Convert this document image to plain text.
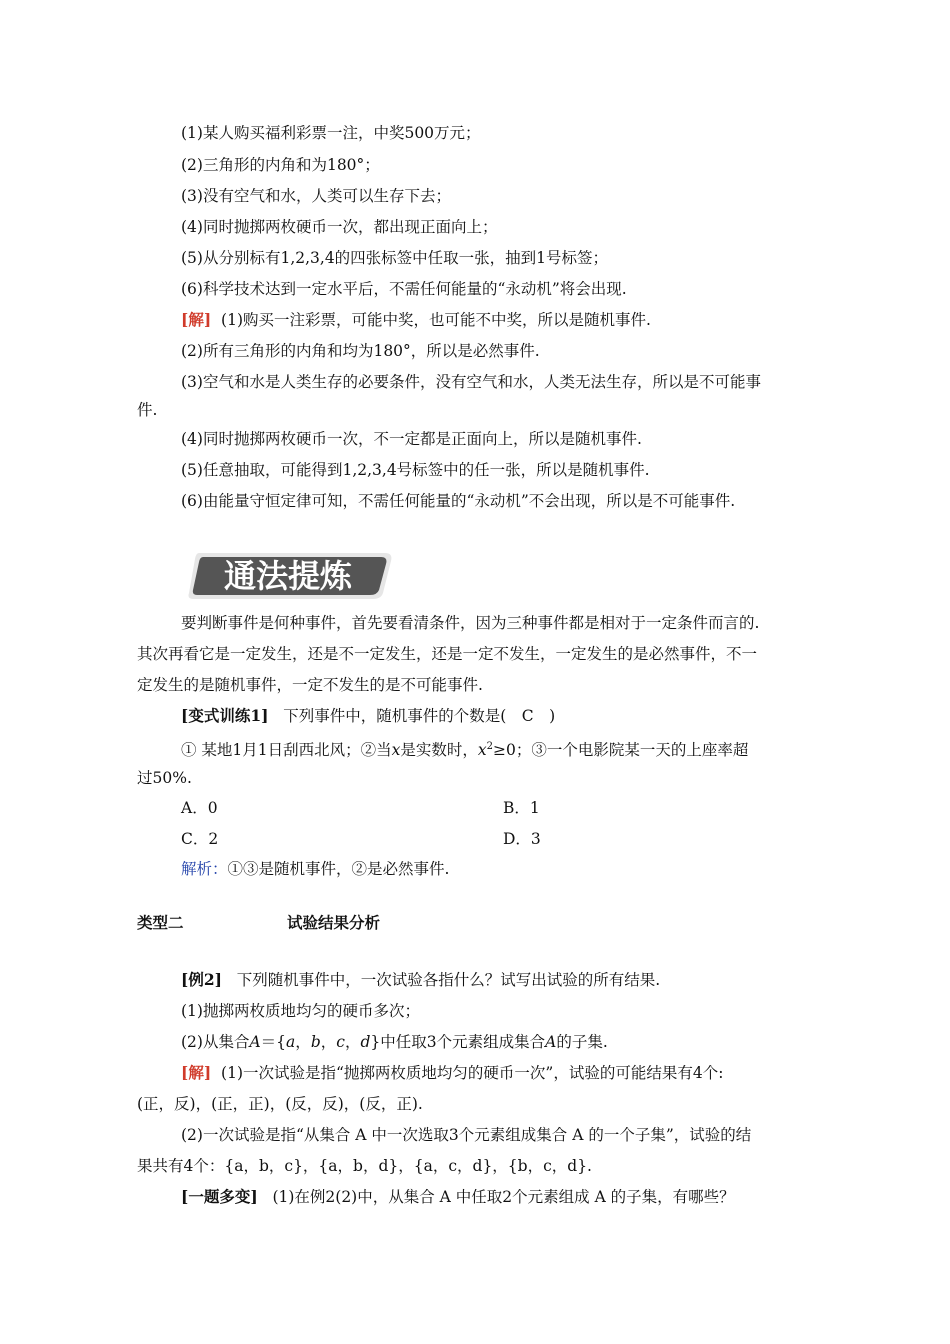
(1)某人购买福利彩票一注，中奖500万元；
(2)三角形的内角和为180°；
(3)没有空气和水，人类可以生存下去；
(4)同时抛掷两枚硬币一次，都出现正面向上；
(5)从分别标有1,2,3,4的四张标签中任取一张，抽到1号标签；
(6)科学技术达到一定水平后，不需任何能量的“永动机”将会出现.
[解] (1)购买一注彩票，可能中奖，也可能不中奖，所以是随机事件.
(2)所有三角形的内角和均为180°，所以是必然事件.
(3)空气和水是人类生存的必要条件，没有空气和水，人类无法生存，所以是不可能事
件.
(4)同时抛掷两枚硬币一次，不一定都是正面向上，所以是随机事件.
(5)任意抽取，可能得到1,2,3,4号标签中的任一张，所以是随机事件.
(6)由能量守恒定律可知，不需任何能量的“永动机”不会出现，所以是不可能事件.
通法提炼
要判断事件是何种事件，首先要看清条件，因为三种事件都是相对于一定条件而言的.
其次再看它是一定发生，还是不一定发生，还是一定不发生，一定发生的是必然事件，不一
定发生的是随机事件，一定不发生的是不可能事件.
[变式训练1] 下列事件中，随机事件的个数是(　C　)
① 某地1月1日刮西北风；②当x是实数时，$x^2\ge 0$；③一个电影院某一天的上座率超
过50%.
A．0	B．1
C．2	D．3
解析：①③是随机事件，②是必然事件.
类型二	试验结果分析
[例2] 下列随机事件中，一次试验各指什么？试写出试验的所有结果.
(1)抛掷两枚质地均匀的硬币多次；
(2)从集合A＝{a，b，c，d}中任取3个元素组成集合A的子集.
[解] (1)一次试验是指“抛掷两枚质地均匀的硬币一次”，试验的可能结果有4个:
(正，反)，(正，正)，(反，反)，(反，正).
(2)一次试验是指“从集合 A 中一次选取3个元素组成集合 A 的一个子集”，试验的结
果共有4个：{a，b，c}，{a，b，d}，{a，c，d}，{b，c，d}.
[一题多变] (1)在例2(2)中，从集合 A 中任取2个元素组成 A 的子集，有哪些？
